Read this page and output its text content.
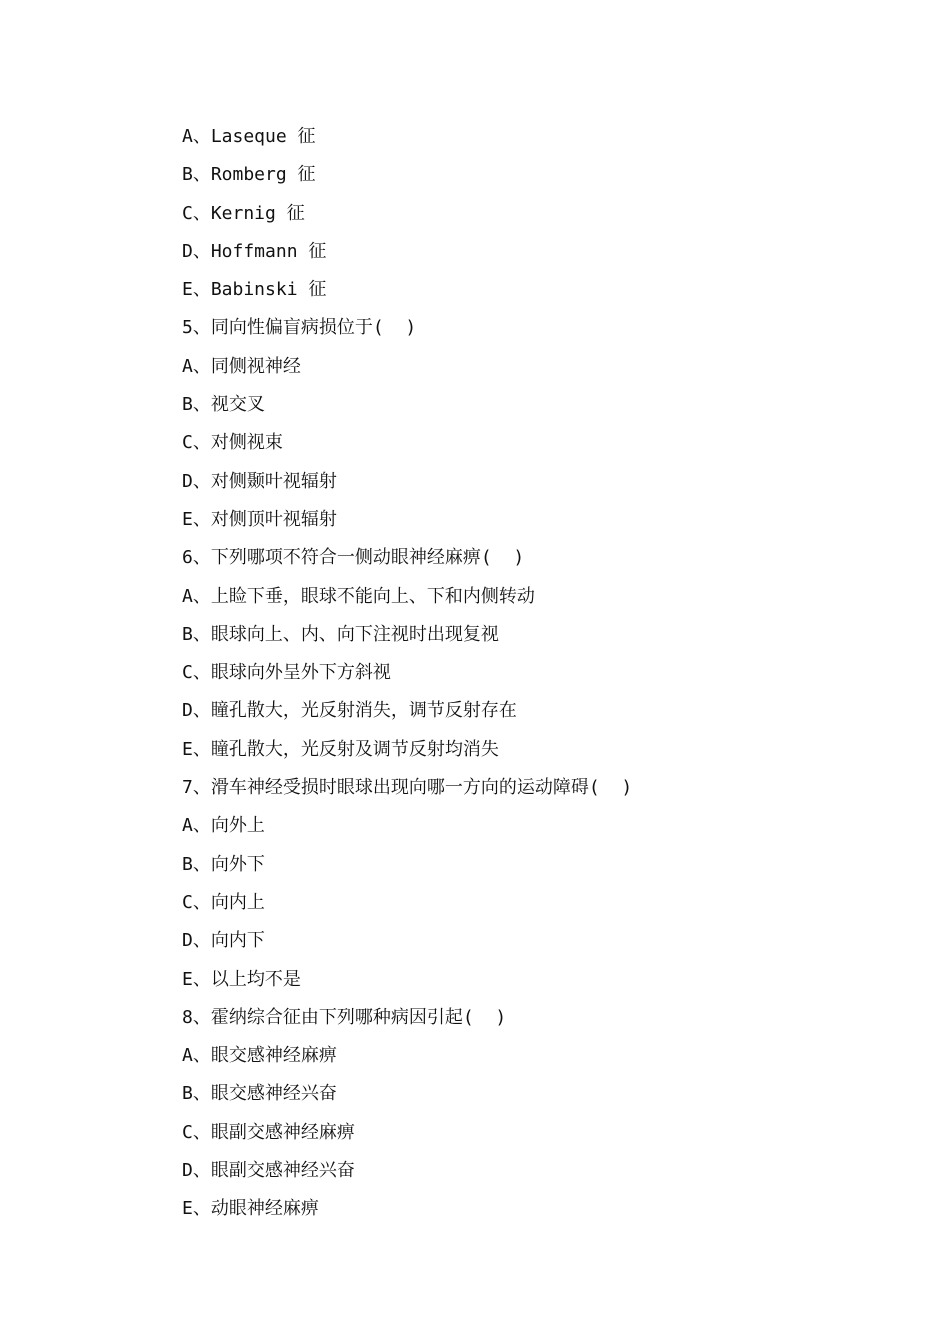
A、Laseque 征
B、Romberg 征
C、Kernig 征
D、Hoffmann 征
E、Babinski 征
5、同向性偏盲病损位于(  )
A、同侧视神经
B、视交叉
C、对侧视束
D、对侧颞叶视辐射
E、对侧顶叶视辐射
6、下列哪项不符合一侧动眼神经麻痹(  )
A、上睑下垂，眼球不能向上、下和内侧转动
B、眼球向上、内、向下注视时出现复视
C、眼球向外呈外下方斜视
D、瞳孔散大，光反射消失，调节反射存在
E、瞳孔散大，光反射及调节反射均消失
7、滑车神经受损时眼球出现向哪一方向的运动障碍(  )
A、向外上
B、向外下
C、向内上
D、向内下
E、以上均不是
8、霍纳综合征由下列哪种病因引起(  )
A、眼交感神经麻痹
B、眼交感神经兴奋
C、眼副交感神经麻痹
D、眼副交感神经兴奋
E、动眼神经麻痹
